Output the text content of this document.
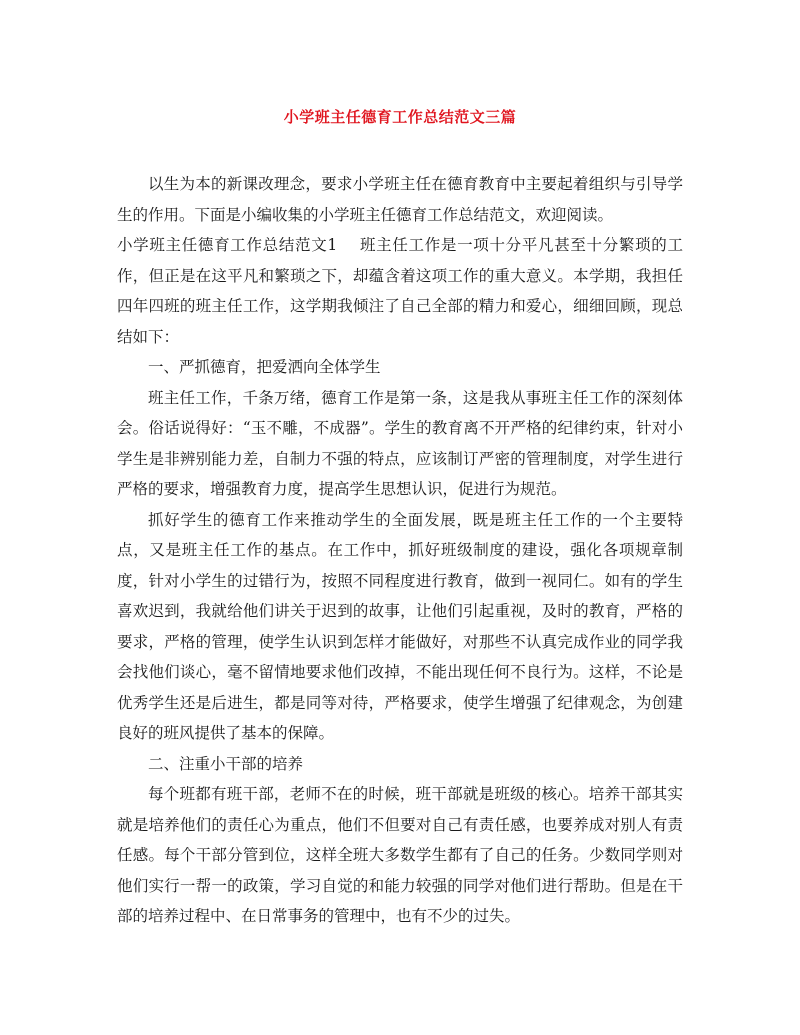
小学班主任德育工作总结范文三篇

以生为本的新课改理念，要求小学班主任在德育教育中主要起着组织与引导学生的作用。下面是小编收集的小学班主任德育工作总结范文，欢迎阅读。

小学班主任德育工作总结范文1 班主任工作是一项十分平凡甚至十分繁琐的工作，但正是在这平凡和繁琐之下，却蕴含着这项工作的重大意义。本学期，我担任四年四班的班主任工作，这学期我倾注了自己全部的精力和爱心，细细回顾，现总结如下：

一、严抓德育，把爱洒向全体学生

班主任工作，千条万绪，德育工作是第一条，这是我从事班主任工作的深刻体会。俗话说得好：“玉不雕，不成器”。学生的教育离不开严格的纪律约束，针对小学生是非辨别能力差，自制力不强的特点，应该制订严密的管理制度，对学生进行严格的要求，增强教育力度，提高学生思想认识，促进行为规范。

抓好学生的德育工作来推动学生的全面发展，既是班主任工作的一个主要特点，又是班主任工作的基点。在工作中，抓好班级制度的建设，强化各项规章制度，针对小学生的过错行为，按照不同程度进行教育，做到一视同仁。如有的学生喜欢迟到，我就给他们讲关于迟到的故事，让他们引起重视，及时的教育，严格的要求，严格的管理，使学生认识到怎样才能做好，对那些不认真完成作业的同学我会找他们谈心，毫不留情地要求他们改掉，不能出现任何不良行为。这样，不论是优秀学生还是后进生，都是同等对待，严格要求，使学生增强了纪律观念，为创建良好的班风提供了基本的保障。

二、注重小干部的培养

每个班都有班干部，老师不在的时候，班干部就是班级的核心。培养干部其实就是培养他们的责任心为重点，他们不但要对自己有责任感，也要养成对别人有责任感。每个干部分管到位，这样全班大多数学生都有了自己的任务。少数同学则对他们实行一帮一的政策，学习自觉的和能力较强的同学对他们进行帮助。但是在干部的培养过程中、在日常事务的管理中，也有不少的过失。
